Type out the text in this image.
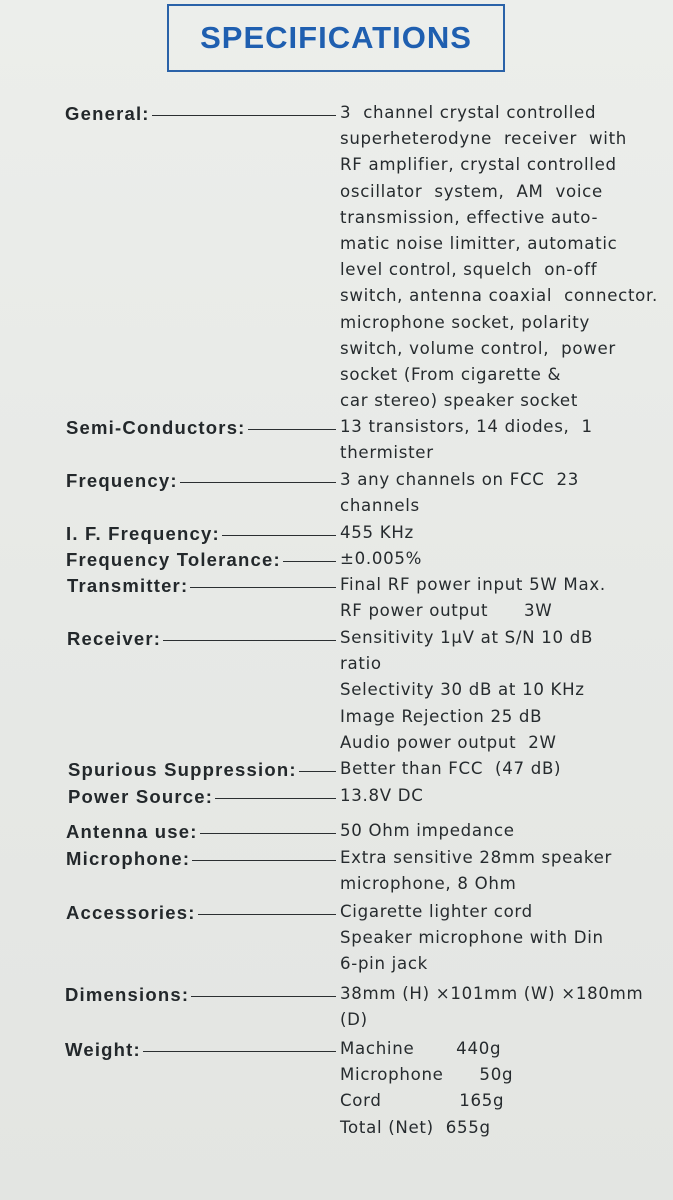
SPECIFICATIONS
General:	3  channel crystal controlled
superheterodyne  receiver  with
RF amplifier, crystal controlled
oscillator  system,  AM  voice
transmission, effective auto-
matic noise limitter, automatic
level control, squelch  on-off
switch, antenna coaxial  connector.
microphone socket, polarity
switch, volume control,  power
socket (From cigarette &
car stereo) speaker socket
Semi-Conductors:	13 transistors, 14 diodes,  1
thermister
Frequency:	3 any channels on FCC  23
channels
I. F. Frequency:	455 KHz
Frequency Tolerance:	±0.005%
Transmitter:	Final RF power input 5W Max.
RF power output      3W
Receiver:	Sensitivity 1μV at S/N 10 dB
ratio
Selectivity 30 dB at 10 KHz
Image Rejection 25 dB
Audio power output  2W
Spurious Suppression:	Better than FCC  (47 dB)
Power Source:	13.8V DC
Antenna use:	50 Ohm impedance
Microphone:	Extra sensitive 28mm speaker
microphone, 8 Ohm
Accessories:	Cigarette lighter cord
Speaker microphone with Din
6-pin jack
Dimensions:	38mm (H) ×101mm (W) ×180mm
(D)
Weight:	Machine       440g
Microphone      50g
Cord             165g
Total (Net)  655g
